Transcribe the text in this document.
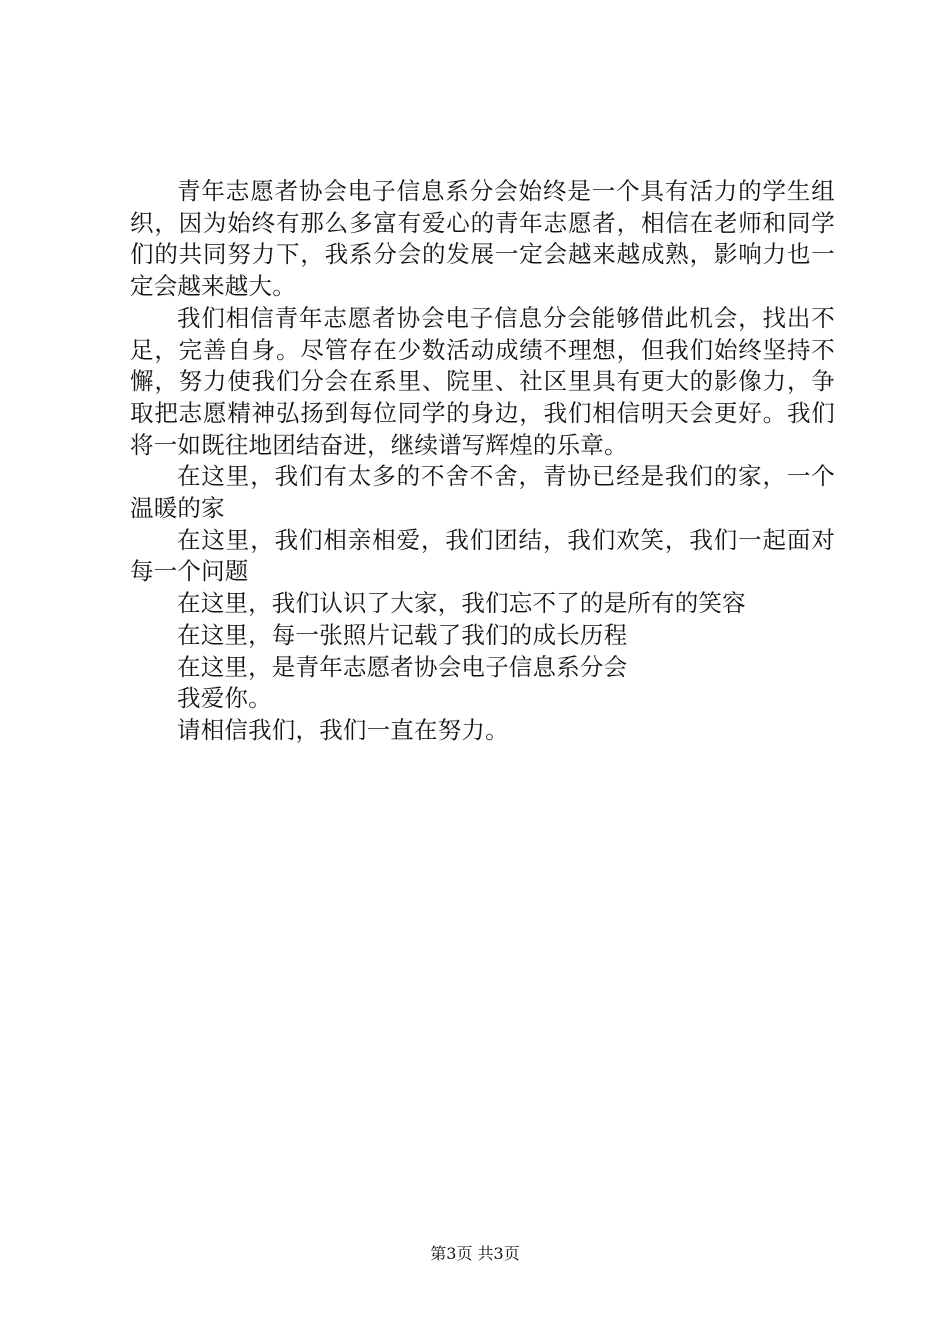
青年志愿者协会电子信息系分会始终是一个具有活力的学生组织，因为始终有那么多富有爱心的青年志愿者，相信在老师和同学们的共同努力下，我系分会的发展一定会越来越成熟，影响力也一定会越来越大。

我们相信青年志愿者协会电子信息分会能够借此机会，找出不足，完善自身。尽管存在少数活动成绩不理想，但我们始终坚持不懈，努力使我们分会在系里、院里、社区里具有更大的影像力，争取把志愿精神弘扬到每位同学的身边，我们相信明天会更好。我们将一如既往地团结奋进，继续谱写辉煌的乐章。

在这里，我们有太多的不舍不舍，青协已经是我们的家，一个温暖的家

在这里，我们相亲相爱，我们团结，我们欢笑，我们一起面对每一个问题

在这里，我们认识了大家，我们忘不了的是所有的笑容

在这里，每一张照片记载了我们的成长历程

在这里，是青年志愿者协会电子信息系分会

我爱你。

请相信我们，我们一直在努力。

第3页 共3页
